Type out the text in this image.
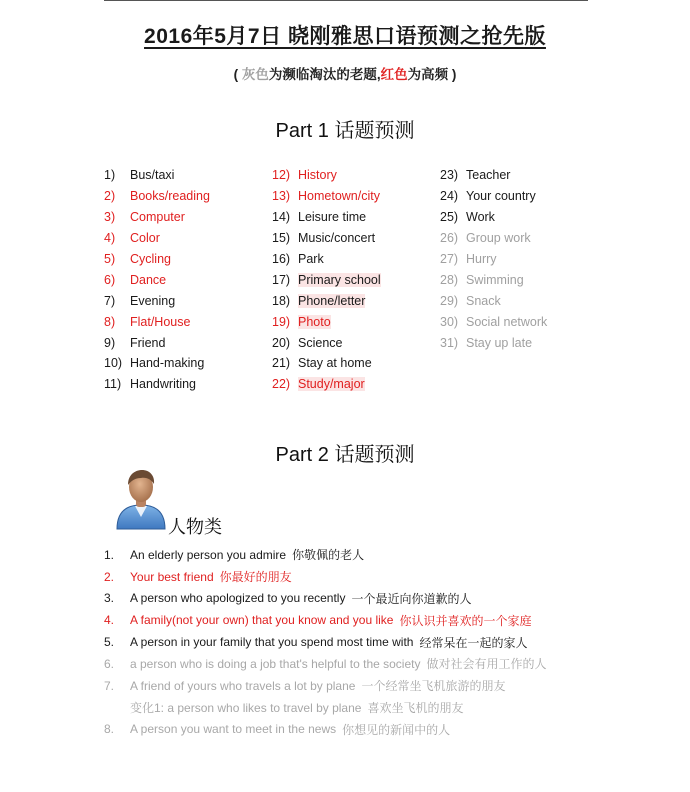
2016年5月7日 晓刚雅思口语预测之抢先版
( 灰色为濒临淘汰的老题,红色为高频 )
Part 1 话题预测
1)	Bus/taxi
2)	Books/reading
3)	Computer
4)	Color
5)	Cycling
6)	Dance
7)	Evening
8)	Flat/House
9)	Friend
10) Hand-making
11) Handwriting
12) History
13) Hometown/city
14) Leisure time
15) Music/concert
16) Park
17) Primary school
18) Phone/letter
19) Photo
20) Science
21) Stay at home
22) Study/major
23) Teacher
24) Your country
25) Work
26) Group work
27) Hurry
28) Swimming
29) Snack
30) Social network
31) Stay up late
Part 2 话题预测
人物类
1.	An elderly person you admire 你敬佩的老人
2.	Your best friend 你最好的朋友
3.	A person who apologized to you recently 一个最近向你道歉的人
4.	A family(not your own) that you know and you like 你认识并喜欢的一个家庭
5.	A person in your family that you spend most time with 经常呆在一起的家人
6.	a person who is doing a job that's helpful to the society 做对社会有用工作的人
7.	A friend of yours who travels a lot by plane 一个经常坐飞机旅游的朋友
变化1: a person who likes to travel by plane 喜欢坐飞机的朋友
8.	A person you want to meet in the news 你想见的新闻中的人
